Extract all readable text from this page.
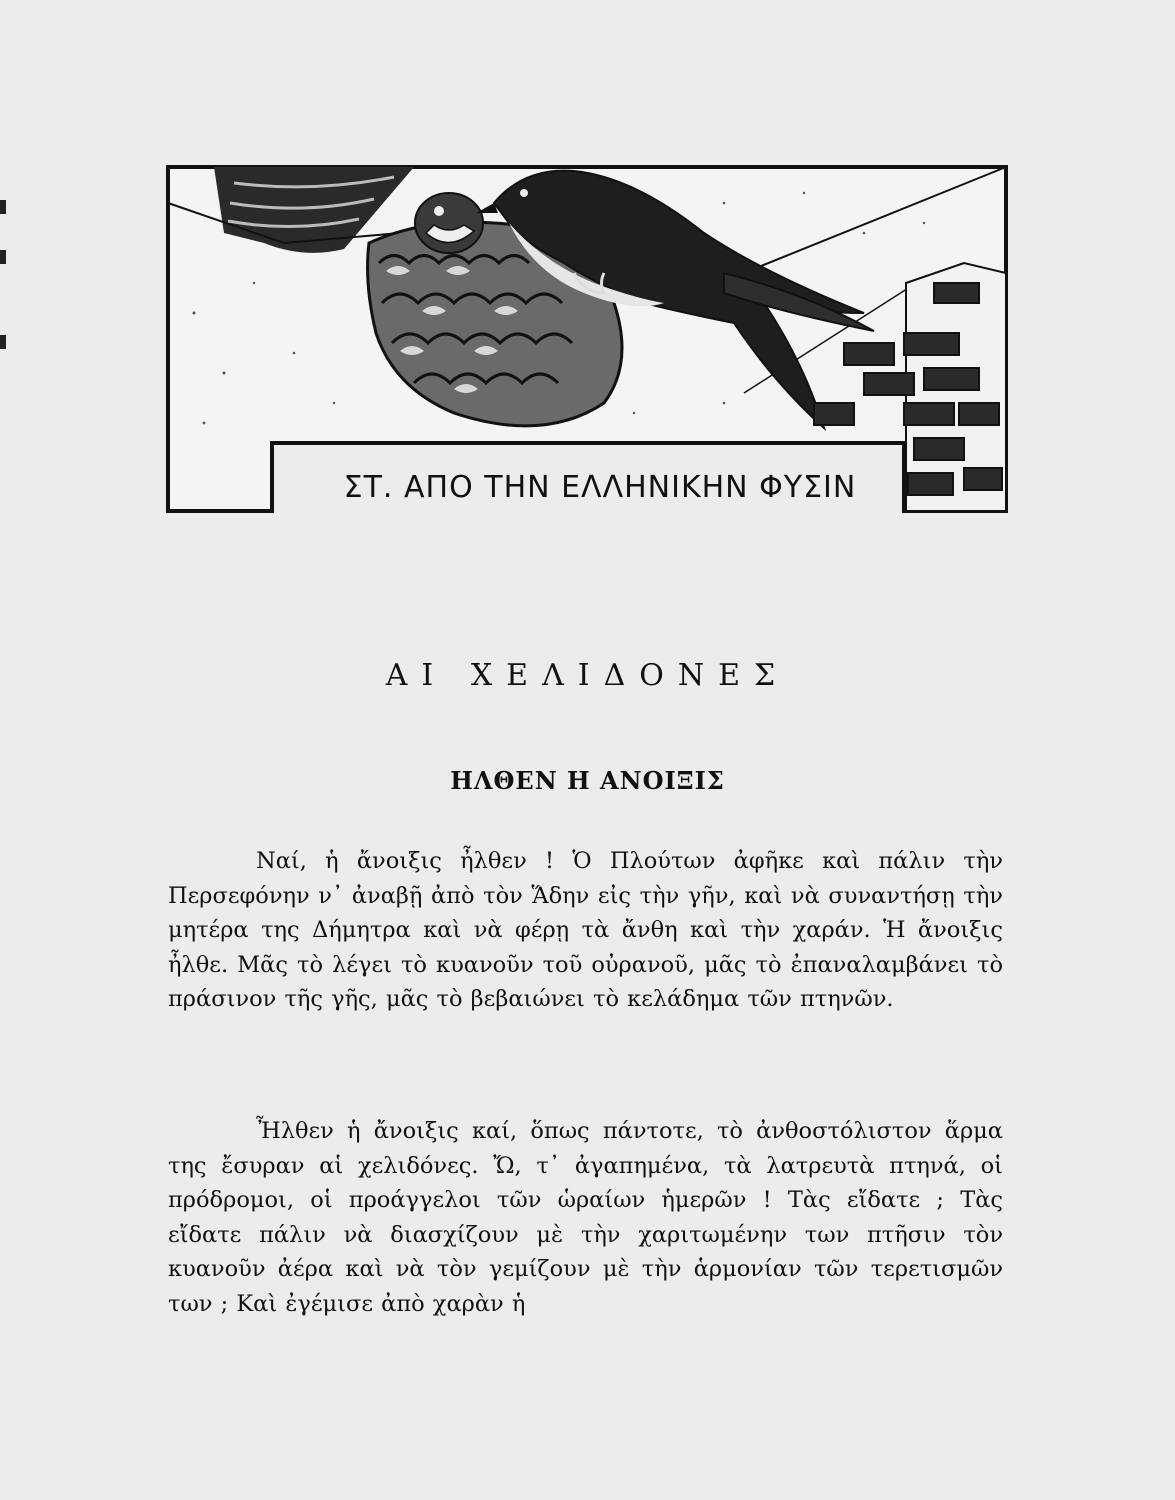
ΣΤ. ΑΠΟ ΤΗΝ ΕΛΛΗΝΙΚΗΝ ΦΥΣΙΝ
ΑΙ ΧΕΛΙΔΟΝΕΣ
ΗΛΘΕΝ Η ΑΝΟΙΞΙΣ

Ναί, ἡ ἄνοιξις ἦλθεν ! Ὁ Πλούτων ἀφῆκε καὶ πάλιν τὴν Περσεφόνην ν᾿ ἀναβῇ ἀπὸ τὸν Ἅδην εἰς τὴν γῆν, καὶ νὰ συναντήσῃ τὴν μητέρα της Δήμητρα καὶ νὰ φέρῃ τὰ ἄνθη καὶ τὴν χαράν. Ἡ ἄνοιξις ἦλθε. Μᾶς τὸ λέγει τὸ κυανοῦν τοῦ οὐρανοῦ, μᾶς τὸ ἐπαναλαμβάνει τὸ πράσινον τῆς γῆς, μᾶς τὸ βεβαιώνει τὸ κελάδημα τῶν πτηνῶν.

Ἦλθεν ἡ ἄνοιξις καί, ὅπως πάντοτε, τὸ ἀνθοστόλιστον ἅρμα της ἔσυραν αἱ χελιδόνες. Ὤ, τ᾿ ἀγαπημένα, τὰ λατρευτὰ πτηνά, οἱ πρόδρομοι, οἱ προάγγελοι τῶν ὡραίων ἡμερῶν ! Τὰς εἴδατε ; Τὰς εἴδατε πάλιν νὰ διασχίζουν μὲ τὴν χαριτωμένην των πτῆσιν τὸν κυανοῦν ἀέρα καὶ νὰ τὸν γεμίζουν μὲ τὴν ἁρμονίαν τῶν τερετισμῶν των ; Καὶ ἐγέμισε ἀπὸ χαρὰν ἡ
